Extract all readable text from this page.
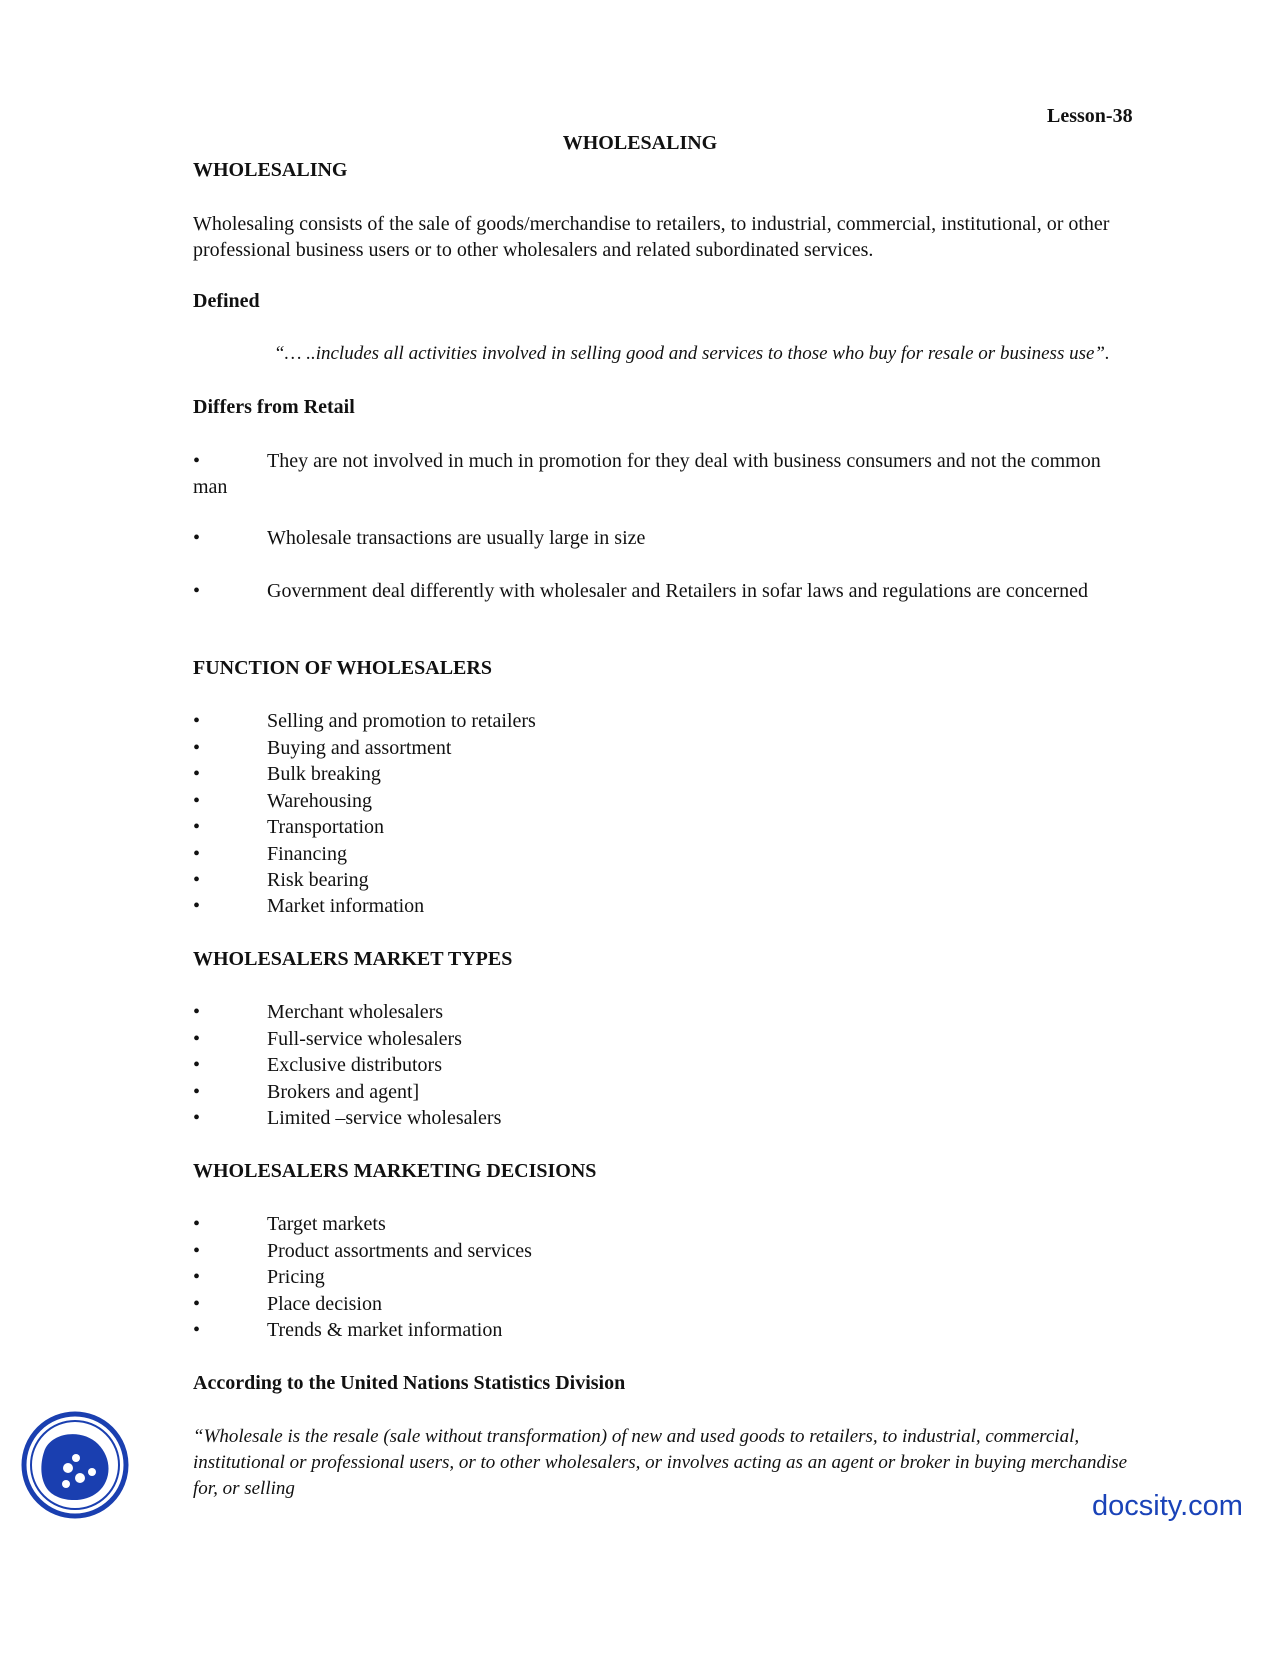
Lesson-38
WHOLESALING
WHOLESALING
Wholesaling consists of the sale of goods/merchandise to retailers, to industrial, commercial, institutional, or other professional business users or to other wholesalers and related subordinated services.
Defined
“… ..includes all activities involved in selling good and services to those who buy for resale or business use”.
Differs from Retail
•	They are not involved in much in promotion for they deal with business consumers and not the common man
•	Wholesale transactions are usually large in size
•	Government deal differently with wholesaler and Retailers in sofar laws and regulations are concerned
FUNCTION OF WHOLESALERS
•	Selling and promotion to retailers
•	Buying and assortment
•	Bulk breaking
•	Warehousing
•	Transportation
•	Financing
•	Risk bearing
•	Market information
WHOLESALERS MARKET TYPES
•	Merchant wholesalers
•	Full-service wholesalers
•	Exclusive distributors
•	Brokers and agent]
•	Limited –service wholesalers
WHOLESALERS MARKETING DECISIONS
•	Target markets
•	Product assortments and services
•	Pricing
•	Place decision
•	Trends & market information
According to the United Nations Statistics Division
“Wholesale is the resale (sale without transformation) of new and used goods to retailers, to industrial, commercial, institutional or professional users, or to other wholesalers, or involves acting as an agent or broker in buying merchandise for, or selling
docsity.com
